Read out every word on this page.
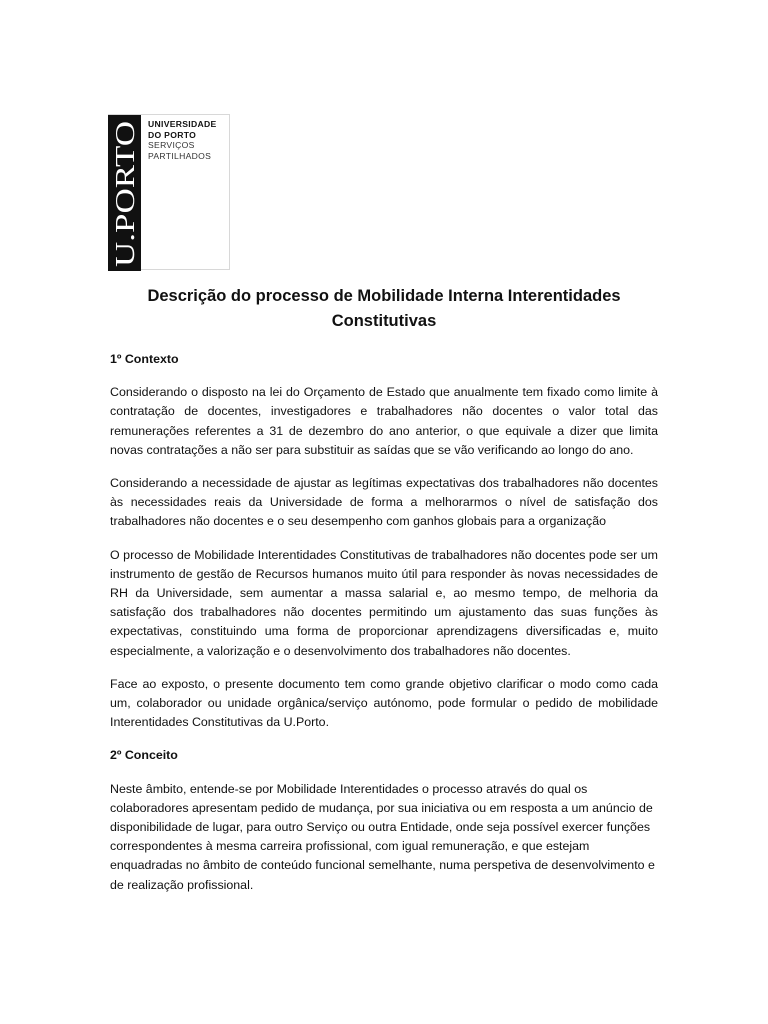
U.PORTO
UNIVERSIDADE
DO PORTO
SERVIÇOS
PARTILHADOS
Descrição do processo de Mobilidade Interna Interentidades Constitutivas

1º Contexto

Considerando o disposto na lei do Orçamento de Estado que anualmente tem fixado como limite à contratação de docentes, investigadores e trabalhadores não docentes o valor total das remunerações referentes a 31 de dezembro do ano anterior, o que equivale a dizer que limita novas contratações a não ser para substituir as saídas que se vão verificando ao longo do ano.

Considerando a necessidade de ajustar as legítimas expectativas dos trabalhadores não docentes às necessidades reais da Universidade de forma a melhorarmos o nível de satisfação dos trabalhadores não docentes e o seu desempenho com ganhos globais para a organização

O processo de Mobilidade Interentidades Constitutivas de trabalhadores não docentes pode ser um instrumento de gestão de Recursos humanos muito útil para responder às novas necessidades de RH da Universidade, sem aumentar a massa salarial e, ao mesmo tempo, de melhoria da satisfação dos trabalhadores não docentes permitindo um ajustamento das suas funções às expectativas, constituindo uma forma de proporcionar aprendizagens diversificadas e, muito especialmente, a valorização e o desenvolvimento dos trabalhadores não docentes.

Face ao exposto, o presente documento tem como grande objetivo clarificar o modo como cada um, colaborador ou unidade orgânica/serviço autónomo, pode formular o pedido de mobilidade Interentidades Constitutivas da U.Porto.

2º Conceito

Neste âmbito, entende-se por Mobilidade Interentidades o processo através do qual os colaboradores apresentam pedido de mudança, por sua iniciativa ou em resposta a um anúncio de disponibilidade de lugar, para outro Serviço ou outra Entidade, onde seja possível exercer funções correspondentes à mesma carreira profissional, com igual remuneração, e que estejam enquadradas no âmbito de conteúdo funcional semelhante, numa perspetiva de desenvolvimento e de realização profissional.
